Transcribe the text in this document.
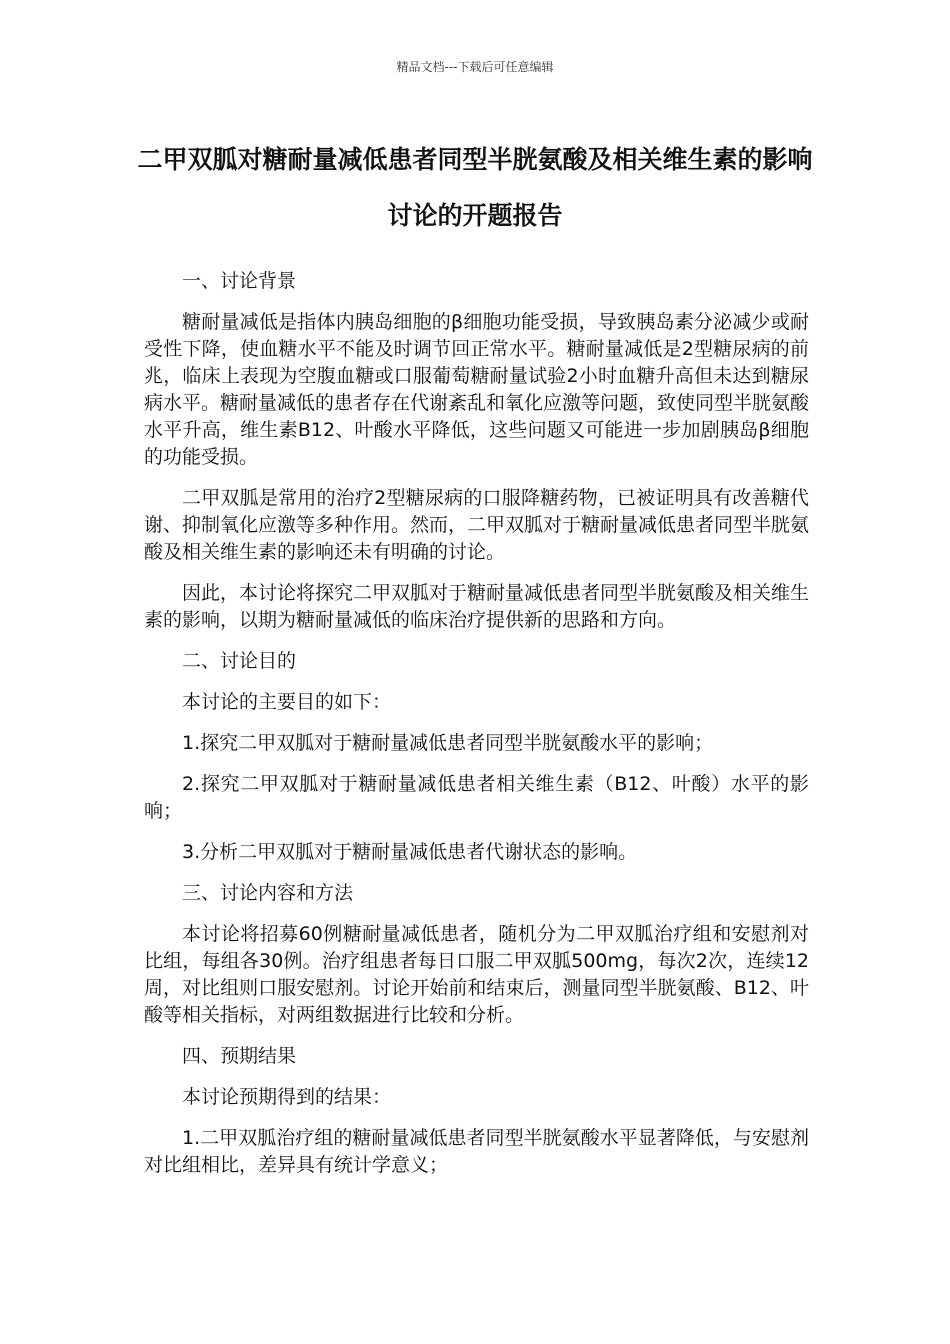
精品文档---下载后可任意编辑
二甲双胍对糖耐量减低患者同型半胱氨酸及相关维生素的影响讨论的开题报告

一、讨论背景

糖耐量减低是指体内胰岛细胞的β细胞功能受损，导致胰岛素分泌减少或耐受性下降，使血糖水平不能及时调节回正常水平。糖耐量减低是2型糖尿病的前兆，临床上表现为空腹血糖或口服葡萄糖耐量试验2小时血糖升高但未达到糖尿病水平。糖耐量减低的患者存在代谢紊乱和氧化应激等问题，致使同型半胱氨酸水平升高，维生素B12、叶酸水平降低，这些问题又可能进一步加剧胰岛β细胞的功能受损。

二甲双胍是常用的治疗2型糖尿病的口服降糖药物，已被证明具有改善糖代谢、抑制氧化应激等多种作用。然而，二甲双胍对于糖耐量减低患者同型半胱氨酸及相关维生素的影响还未有明确的讨论。

因此，本讨论将探究二甲双胍对于糖耐量减低患者同型半胱氨酸及相关维生素的影响，以期为糖耐量减低的临床治疗提供新的思路和方向。

二、讨论目的

本讨论的主要目的如下：

1.探究二甲双胍对于糖耐量减低患者同型半胱氨酸水平的影响；

2.探究二甲双胍对于糖耐量减低患者相关维生素（B12、叶酸）水平的影响；

3.分析二甲双胍对于糖耐量减低患者代谢状态的影响。

三、讨论内容和方法

本讨论将招募60例糖耐量减低患者，随机分为二甲双胍治疗组和安慰剂对比组，每组各30例。治疗组患者每日口服二甲双胍500mg，每次2次，连续12周，对比组则口服安慰剂。讨论开始前和结束后，测量同型半胱氨酸、B12、叶酸等相关指标，对两组数据进行比较和分析。

四、预期结果

本讨论预期得到的结果：

1.二甲双胍治疗组的糖耐量减低患者同型半胱氨酸水平显著降低，与安慰剂对比组相比，差异具有统计学意义；
